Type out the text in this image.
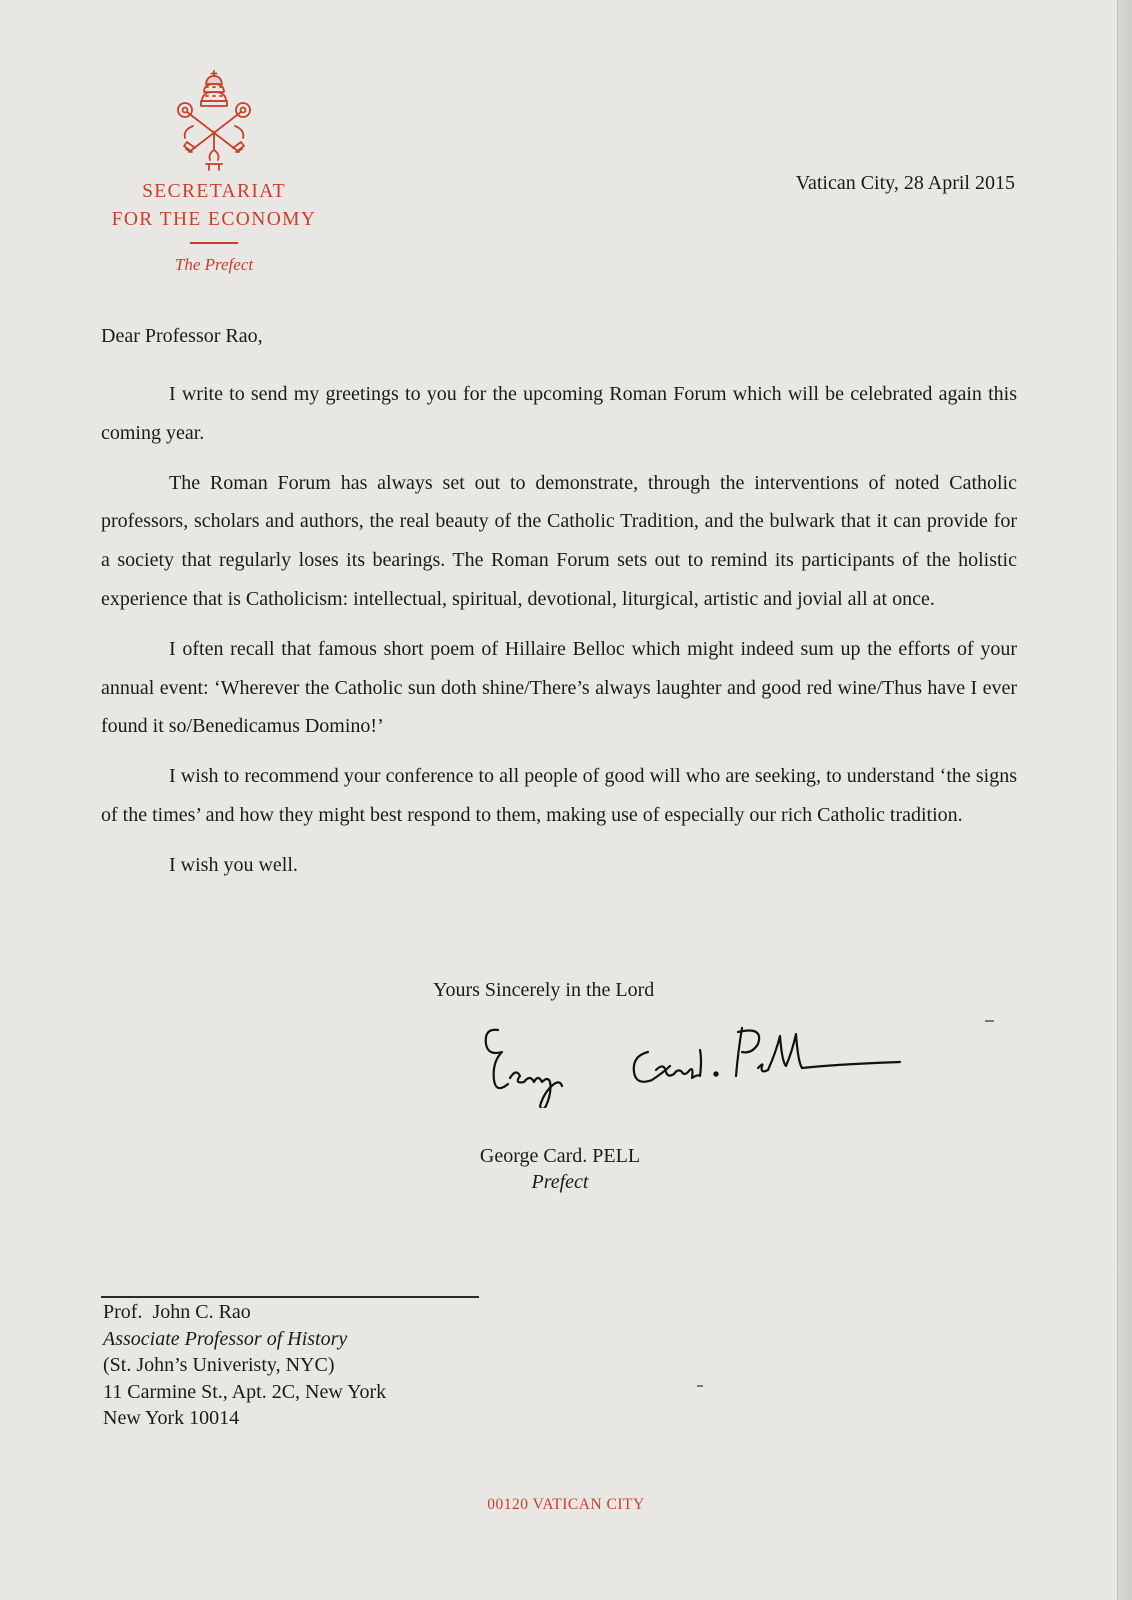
SECRETARIAT
FOR THE ECONOMY
The Prefect
Vatican City, 28 April 2015
Dear Professor Rao,

I write to send my greetings to you for the upcoming Roman Forum which will be celebrated again this coming year.

The Roman Forum has always set out to demonstrate, through the interventions of noted Catholic professors, scholars and authors, the real beauty of the Catholic Tradition, and the bulwark that it can provide for a society that regularly loses its bearings. The Roman Forum sets out to remind its participants of the holistic experience that is Catholicism: intellectual, spiritual, devotional, liturgical, artistic and jovial all at once.

I often recall that famous short poem of Hillaire Belloc which might indeed sum up the efforts of your annual event: ‘Wherever the Catholic sun doth shine/There’s always laughter and good red wine/Thus have I ever found it so/Benedicamus Domino!’

I wish to recommend your conference to all people of good will who are seeking, to understand ‘the signs of the times’ and how they might best respond to them, making use of especially our rich Catholic tradition.

I wish you well.

Yours Sincerely in the Lord
George Card. PELL
Prefect
Prof.  John C. Rao
Associate Professor of History
(St. John’s Univeristy, NYC)
11 Carmine St., Apt. 2C, New York
New York 10014
00120 VATICAN CITY
